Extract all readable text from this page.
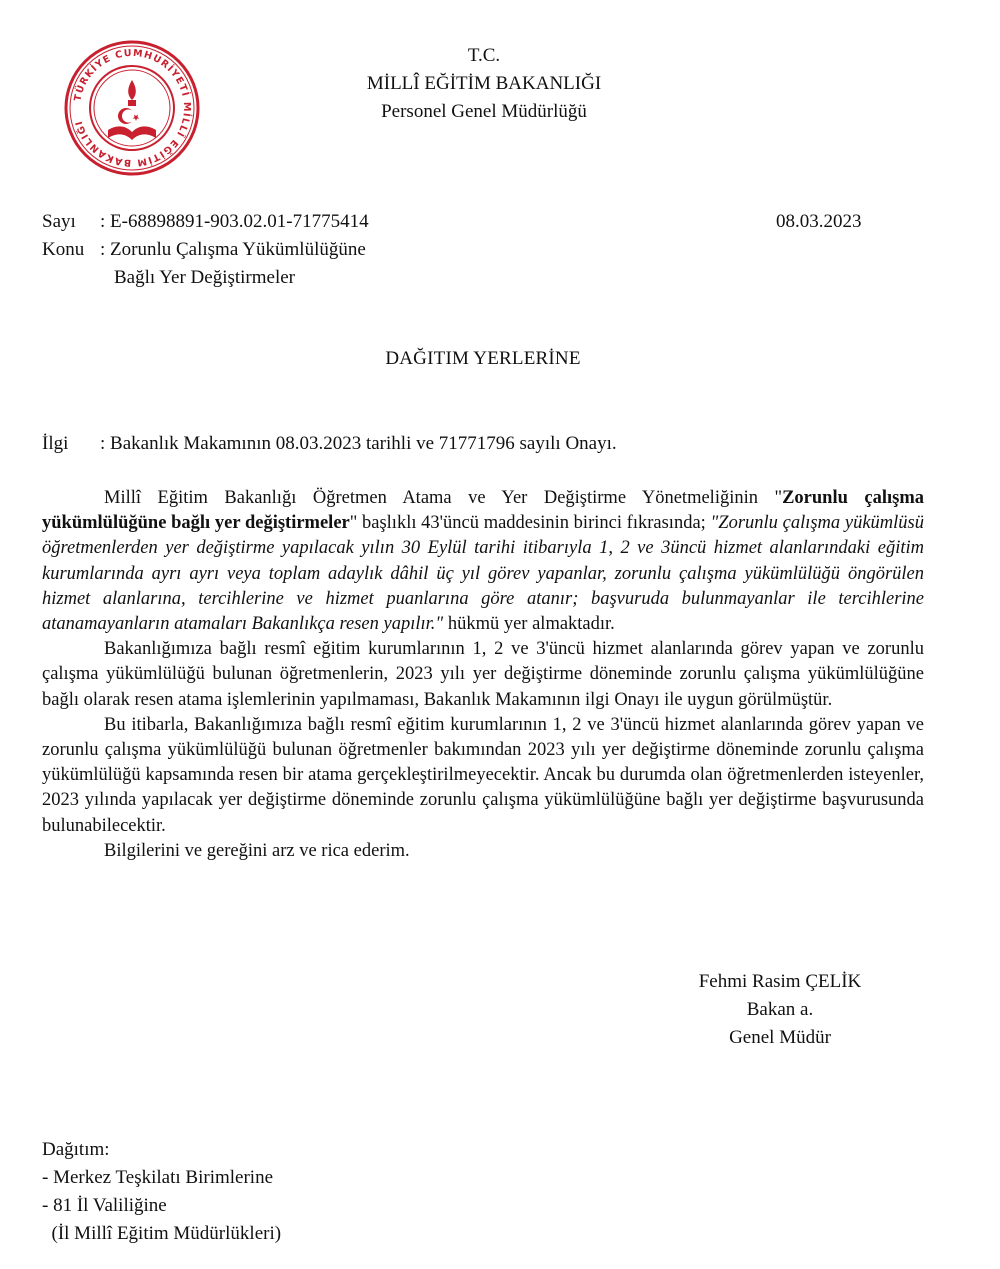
TÜRKİYE CUMHURİYETİ MİLLÎ EĞİTİM BAKANLIĞI
T.C.
MİLLÎ EĞİTİM BAKANLIĞI
Personel Genel Müdürlüğü
Sayı : E-68898891-903.02.01-71775414	08.03.2023
Konu : Zorunlu Çalışma Yükümlülüğüne
Bağlı Yer Değiştirmeler
DAĞITIM YERLERİNE
İlgi : Bakanlık Makamının 08.03.2023 tarihli ve 71771796 sayılı Onayı.

Millî Eğitim Bakanlığı Öğretmen Atama ve Yer Değiştirme Yönetmeliğinin "Zorunlu çalışma yükümlülüğüne bağlı yer değiştirmeler" başlıklı 43'üncü maddesinin birinci fıkrasında; "Zorunlu çalışma yükümlüsü öğretmenlerden yer değiştirme yapılacak yılın 30 Eylül tarihi itibarıyla 1, 2 ve 3üncü hizmet alanlarındaki eğitim kurumlarında ayrı ayrı veya toplam adaylık dâhil üç yıl görev yapanlar, zorunlu çalışma yükümlülüğü öngörülen hizmet alanlarına, tercihlerine ve hizmet puanlarına göre atanır; başvuruda bulunmayanlar ile tercihlerine atanamayanların atamaları Bakanlıkça resen yapılır." hükmü yer almaktadır.

Bakanlığımıza bağlı resmî eğitim kurumlarının 1, 2 ve 3'üncü hizmet alanlarında görev yapan ve zorunlu çalışma yükümlülüğü bulunan öğretmenlerin, 2023 yılı yer değiştirme döneminde zorunlu çalışma yükümlülüğüne bağlı olarak resen atama işlemlerinin yapılmaması, Bakanlık Makamının ilgi Onayı ile uygun görülmüştür.

Bu itibarla, Bakanlığımıza bağlı resmî eğitim kurumlarının 1, 2 ve 3'üncü hizmet alanlarında görev yapan ve zorunlu çalışma yükümlülüğü bulunan öğretmenler bakımından 2023 yılı yer değiştirme döneminde zorunlu çalışma yükümlülüğü kapsamında resen bir atama gerçekleştirilmeyecektir. Ancak bu durumda olan öğretmenlerden isteyenler, 2023 yılında yapılacak yer değiştirme döneminde zorunlu çalışma yükümlülüğüne bağlı yer değiştirme başvurusunda bulunabilecektir.

Bilgilerini ve gereğini arz ve rica ederim.

Fehmi Rasim ÇELİK
Bakan a.
Genel Müdür
Dağıtım:
- Merkez Teşkilatı Birimlerine
- 81 İl Valiliğine
(İl Millî Eğitim Müdürlükleri)
